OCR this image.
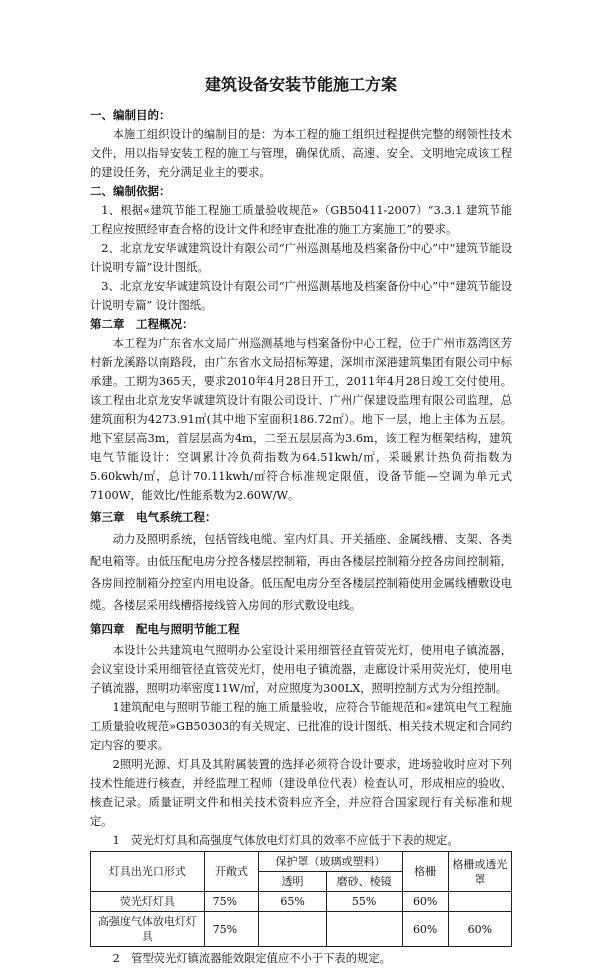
建筑设备安装节能施工方案
一、编制目的：

本施工组织设计的编制目的是：为本工程的施工组织过程提供完整的纲领性技术文件，用以指导安装工程的施工与管理，确保优质、高速、安全、文明地完成该工程的建设任务，充分满足业主的要求。

二、编制依据：

1、根据«建筑节能工程施工质量验收规范»（GB50411-2007）“3.3.1 建筑节能工程应按照经审查合格的设计文件和经审查批准的施工方案施工”的要求。

2、北京龙安华诚建筑设计有限公司“广州巡测基地及档案备份中心”中“建筑节能设计说明专篇”设计图纸。

3、北京龙安华诚建筑设计有限公司“广州巡测基地及档案备份中心”中“建筑节能设计说明专篇” 设计图纸。

第二章　工程概况：

本工程为广东省水文局广州巡测基地与档案备份中心工程，位于广州市荔湾区芳村新龙溪路以南路段，由广东省水文局招标筹建，深圳市深港建筑集团有限公司中标承建。工期为365天，要求2010年4月28日开工，2011年4月28日竣工交付使用。该工程由北京龙安华诚建筑设计有限公司设计、广州广保建设监理有限公司监理，总建筑面积为4273.91㎡(其中地下室面积186.72㎡）。地下一层，地上主体为五层。地下室层高3m，首层层高为4m，二至五层层高为3.6m，该工程为框架结构，建筑电气节能设计：空调累计冷负荷指数为64.51kwh/㎡，采暖累计热负荷指数为5.60kwh/㎡，总计70.11kwh/㎡符合标准规定限值，设备节能—空调为单元式7100W，能效比/性能系数为2.60W/W。

第三章　电气系统工程：

动力及照明系统，包括管线电缆、室内灯具、开关插座、金属线槽、支架、各类配电箱等。由低压配电房分控各楼层控制箱，再由各楼层控制箱分控各房间控制箱，各房间控制箱分控室内用电设备。低压配电房分至各楼层控制箱使用金属线槽敷设电缆。各楼层采用线槽搭接线管入房间的形式敷设电线。

第四章　配电与照明节能工程

本设计公共建筑电气照明办公室设计采用细管径直管荧光灯，使用电子镇流器，会议室设计采用细管径直管荧光灯，使用电子镇流器，走廊设计采用荧光灯，使用电子镇流器，照明功率密度11W/㎡，对应照度为300LX，照明控制方式为分组控制。

1建筑配电与照明节能工程的施工质量验收，应符合节能规范和«建筑电气工程施工质量验收规范»GB50303的有关规定、已批准的设计图纸、相关技术规定和合同约定内容的要求。

2照明光源、灯具及其附属装置的选择必须符合设计要求，进场验收时应对下列技术性能进行核查，并经监理工程师（建设单位代表）检查认可，形成相应的验收、核查记录。质量证明文件和相关技术资料应齐全，并应符合国家现行有关标准和规定。

1　荧光灯灯具和高强度气体放电灯灯具的效率不应低于下表的规定。

灯具出光口形式	开敞式	保护罩（玻璃或塑料）		格栅	格栅或透光罩
		透明	磨砂、棱镜		
荧光灯灯具	75%	65%	55%	60%	
高强度气体放电灯灯具	75%			60%	60%

2　管型荧光灯镇流器能效限定值应不小于下表的规定。
